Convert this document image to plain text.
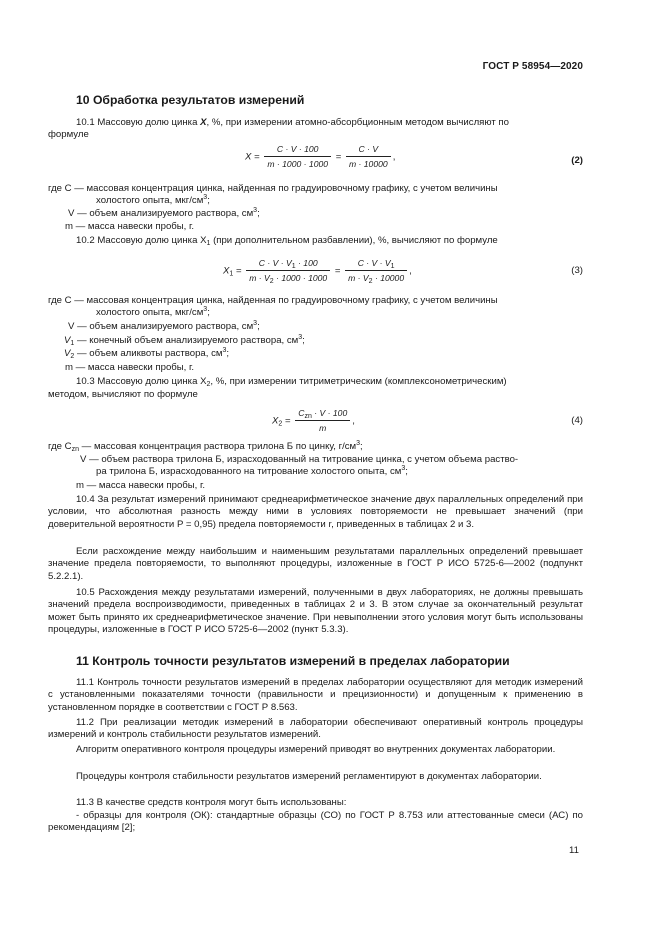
ГОСТ Р 58954—2020
10 Обработка результатов измерений
10.1 Массовую долю цинка X, %, при измерении атомно-абсорбционным методом вычисляют по
формуле
$X = \frac{C \cdot V \cdot 100}{m \cdot 1000 \cdot 1000} = \frac{C \cdot V}{m \cdot 10000}$ ,	(2)
где C — массовая концентрация цинка, найденная по градуировочному графику, с учетом величины
холостого опыта, мкг/$см^3$;
V — объем анализируемого раствора, $см^3$;
m — масса навески пробы, г.
10.2 Массовую долю цинка $X_1$ (при дополнительном разбавлении), %, вычисляют по формуле
$X_1 = \frac{C \cdot V \cdot V_1 \cdot 100}{m \cdot V_2 \cdot 1000 \cdot 1000} = \frac{C \cdot V \cdot V_1}{m \cdot V_2 \cdot 10000}$ ,	(3)
где C — массовая концентрация цинка, найденная по градуировочному графику, с учетом величины
холостого опыта, мкг/$см^3$;
V — объем анализируемого раствора, $см^3$;
$V_1$ — конечный объем анализируемого раствора, $см^3$;
$V_2$ — объем аликвоты раствора, $см^3$;
m — масса навески пробы, г.
10.3 Массовую долю цинка $X_2$, %, при измерении титриметрическим (комплексонометрическим)
методом, вычисляют по формуле
$X_2 = \frac{C_{zn} \cdot V \cdot 100}{m}$ ,	(4)
где $C_{zn}$ — массовая концентрация раствора трилона Б по цинку, $г/см^3$;
V — объем раствора трилона Б, израсходованный на титрование цинка, с учетом объема раство-
ра трилона Б, израсходованного на титрование холостого опыта, $см^3$;
m — масса навески пробы, г.
10.4 За результат измерений принимают среднеарифметическое значение двух параллельных определений при условии, что абсолютная разность между ними в условиях повторяемости не превышает значений (при доверительной вероятности P = 0,95) предела повторяемости r, приведенных в таблицах 2 и 3.
Если расхождение между наибольшим и наименьшим результатами параллельных определений превышает значение предела повторяемости, то выполняют процедуры, изложенные в ГОСТ Р ИСО 5725-6—2002 (подпункт 5.2.2.1).
10.5 Расхождения между результатами измерений, полученными в двух лабораториях, не должны превышать значений предела воспроизводимости, приведенных в таблицах 2 и 3. В этом случае за окончательный результат может быть принято их среднеарифметическое значение. При невыполнении этого условия могут быть использованы процедуры, изложенные в ГОСТ Р ИСО 5725-6—2002 (пункт 5.3.3).
11 Контроль точности результатов измерений в пределах лаборатории
11.1 Контроль точности результатов измерений в пределах лаборатории осуществляют для методик измерений с установленными показателями точности (правильности и прецизионности) и допущенным к применению в установленном порядке в соответствии с ГОСТ Р 8.563.
11.2 При реализации методик измерений в лаборатории обеспечивают оперативный контроль процедуры измерений и контроль стабильности результатов измерений.
Алгоритм оперативного контроля процедуры измерений приводят во внутренних документах лаборатории.
Процедуры контроля стабильности результатов измерений регламентируют в документах лаборатории.
11.3 В качестве средств контроля могут быть использованы:
- образцы для контроля (ОК): стандартные образцы (СО) по ГОСТ Р 8.753 или аттестованные смеси (АС) по рекомендациям [2];
11
